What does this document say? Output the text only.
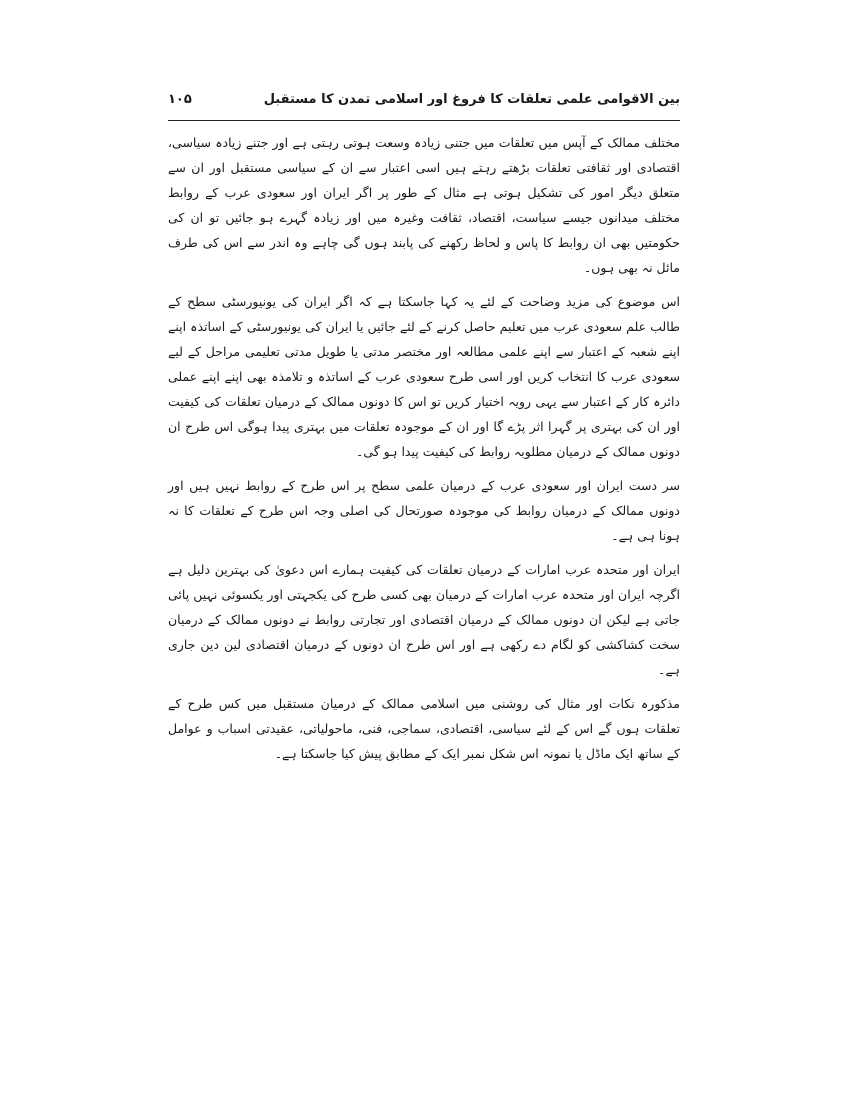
بین الاقوامی علمی تعلقات کا فروغ اور اسلامی تمدن کا مستقبل
۱۰۵

مختلف ممالک کے آپس میں تعلقات میں جتنی زیادہ وسعت ہوتی رہتی ہے اور جتنے زیادہ سیاسی، اقتصادی اور ثقافتی تعلقات بڑھتے رہتے ہیں اسی اعتبار سے ان کے سیاسی مستقبل اور ان سے متعلق دیگر امور کی تشکیل ہوتی ہے مثال کے طور پر اگر ایران اور سعودی عرب کے روابط مختلف میدانوں جیسے سیاست، اقتصاد، ثقافت وغیرہ میں اور زیادہ گہرے ہو جائیں تو ان کی حکومتیں بھی ان روابط کا پاس و لحاظ رکھنے کی پابند ہوں گی چاہے وہ اندر سے اس کی طرف مائل نہ بھی ہوں۔

اس موضوع کی مزید وضاحت کے لئے یہ کہا جاسکتا ہے کہ اگر ایران کی یونیورسٹی سطح کے طالب علم سعودی عرب میں تعلیم حاصل کرنے کے لئے جائیں یا ایران کی یونیورسٹی کے اساتذہ اپنے اپنے شعبہ کے اعتبار سے اپنے علمی مطالعہ اور مختصر مدتی یا طویل مدتی تعلیمی مراحل کے لیے سعودی عرب کا انتخاب کریں اور اسی طرح سعودی عرب کے اساتذہ و تلامذہ بھی اپنے اپنے عملی دائرہ کار کے اعتبار سے یہی رویہ اختیار کریں تو اس کا دونوں ممالک کے درمیان تعلقات کی کیفیت اور ان کی بہتری پر گہرا اثر پڑے گا اور ان کے موجودہ تعلقات میں بہتری پیدا ہوگی اس طرح ان دونوں ممالک کے درمیان مطلوبہ روابط کی کیفیت پیدا ہو گی۔

سر دست ایران اور سعودی عرب کے درمیان علمی سطح پر اس طرح کے روابط نہیں ہیں اور دونوں ممالک کے درمیان روابط کی موجودہ صورتحال کی اصلی وجہ اس طرح کے تعلقات کا نہ ہونا ہی ہے۔

ایران اور متحدہ عرب امارات کے درمیان تعلقات کی کیفیت ہمارے اس دعویٰ کی بہترین دلیل ہے اگرچہ ایران اور متحدہ عرب امارات کے درمیان بھی کسی طرح کی یکجہتی اور یکسوئی نہیں پائی جاتی ہے لیکن ان دونوں ممالک کے درمیان اقتصادی اور تجارتی روابط نے دونوں ممالک کے درمیان سخت کشاکشی کو لگام دے رکھی ہے اور اس طرح ان دونوں کے درمیان اقتصادی لین دین جاری ہے۔

مذکورہ نکات اور مثال کی روشنی میں اسلامی ممالک کے درمیان مستقبل میں کس طرح کے تعلقات ہوں گے اس کے لئے سیاسی، اقتصادی، سماجی، فنی، ماحولیاتی، عقیدتی اسباب و عوامل کے ساتھ ایک ماڈل یا نمونہ اس شکل نمبر ایک کے مطابق پیش کیا جاسکتا ہے۔
